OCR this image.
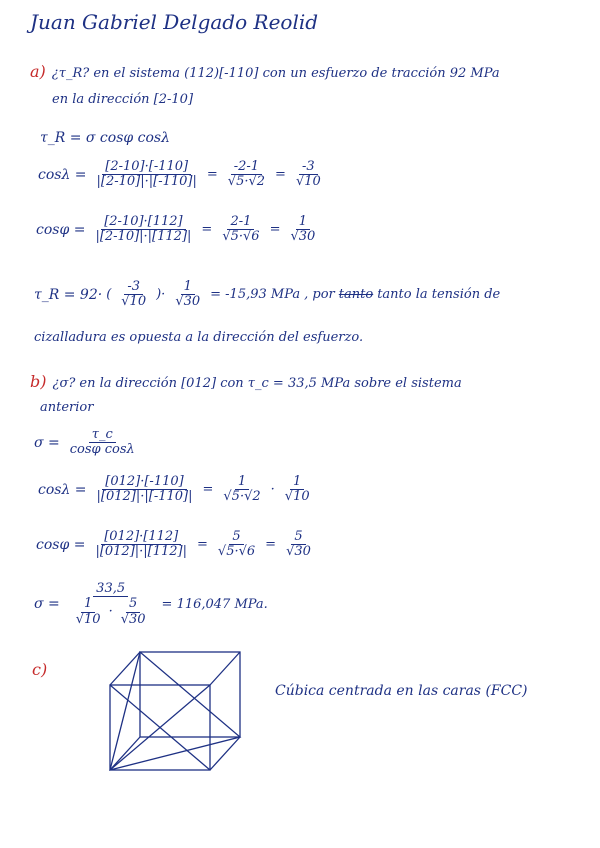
Juan Gabriel Delgado Reolid
a) ¿τ_R? en el sistema (112)[-110] con un esfuerzo de tracción 92 MPa
en la dirección [2-10]
τ_R = σ cosφ cosλ
$\cos\lambda = \frac{[2-10]\cdot[-110]}{|[2-10]|\cdot|[-110]|} = \frac{-2-1}{√5\cdot√2} = \frac{-3}{√10}$
$\cos\varphi = \frac{[2-10]\cdot[112]}{|[2-10]|\cdot|[112]|} = \frac{2-1}{√5\cdot√6} = \frac{1}{√30}$
τ_R = 92· ( $\frac{-3}{√10}$ )· $\frac{1}{√30} = -15,93$ MPa , por tanto tanto la tensión de
cizalladura es opuesta a la dirección del esfuerzo.
b) ¿σ? en la dirección [012] con τ_c = 33,5 MPa sobre el sistema
anterior
$\sigma = \frac{\tau\_c}{\text{cosφ cosλ}}$
$\cos\lambda = \frac{[012]\cdot[-110]}{|[012]|\cdot|[-110]|} = \frac{1}{√5\cdot√2} \cdot \frac{1}{√10}$
$\cos\varphi = \frac{[012]\cdot[112]}{|[012]|\cdot|[112]|} = \frac{5}{√5\cdot√6} = \frac{5}{√30}$
$\sigma = \frac{33,5}{\frac{1}{√10} \cdot \frac{5}{√30}} = 116,047$ MPa.
c)
Cúbica centrada en las caras (FCC)
